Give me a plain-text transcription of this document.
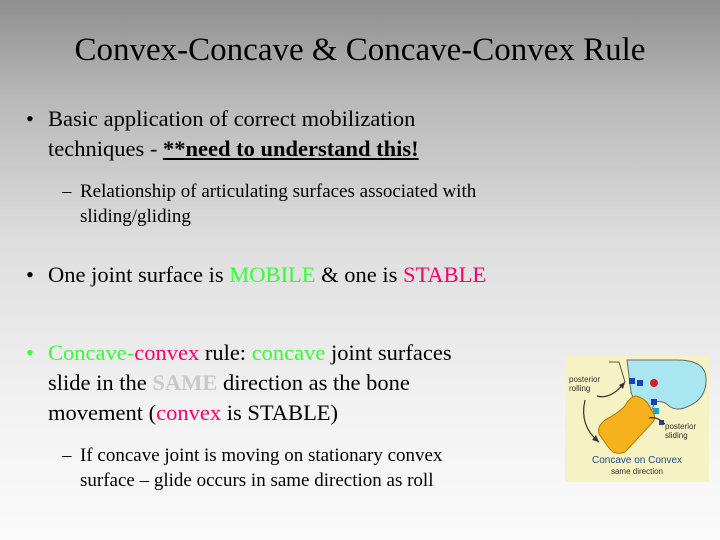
Convex-Concave & Concave-Convex Rule
• Basic application of correct mobilization
techniques - **need to understand this!
– Relationship of articulating surfaces associated with
sliding/gliding
• One joint surface is MOBILE & one is STABLE
• Concave-convex rule: concave joint surfaces
slide in the SAME direction as the bone
movement (convex is STABLE)
– If concave joint is moving on stationary convex
surface – glide occurs in same direction as roll
posterior
rolling
posterior
sliding
Concave on Convex
same direction
